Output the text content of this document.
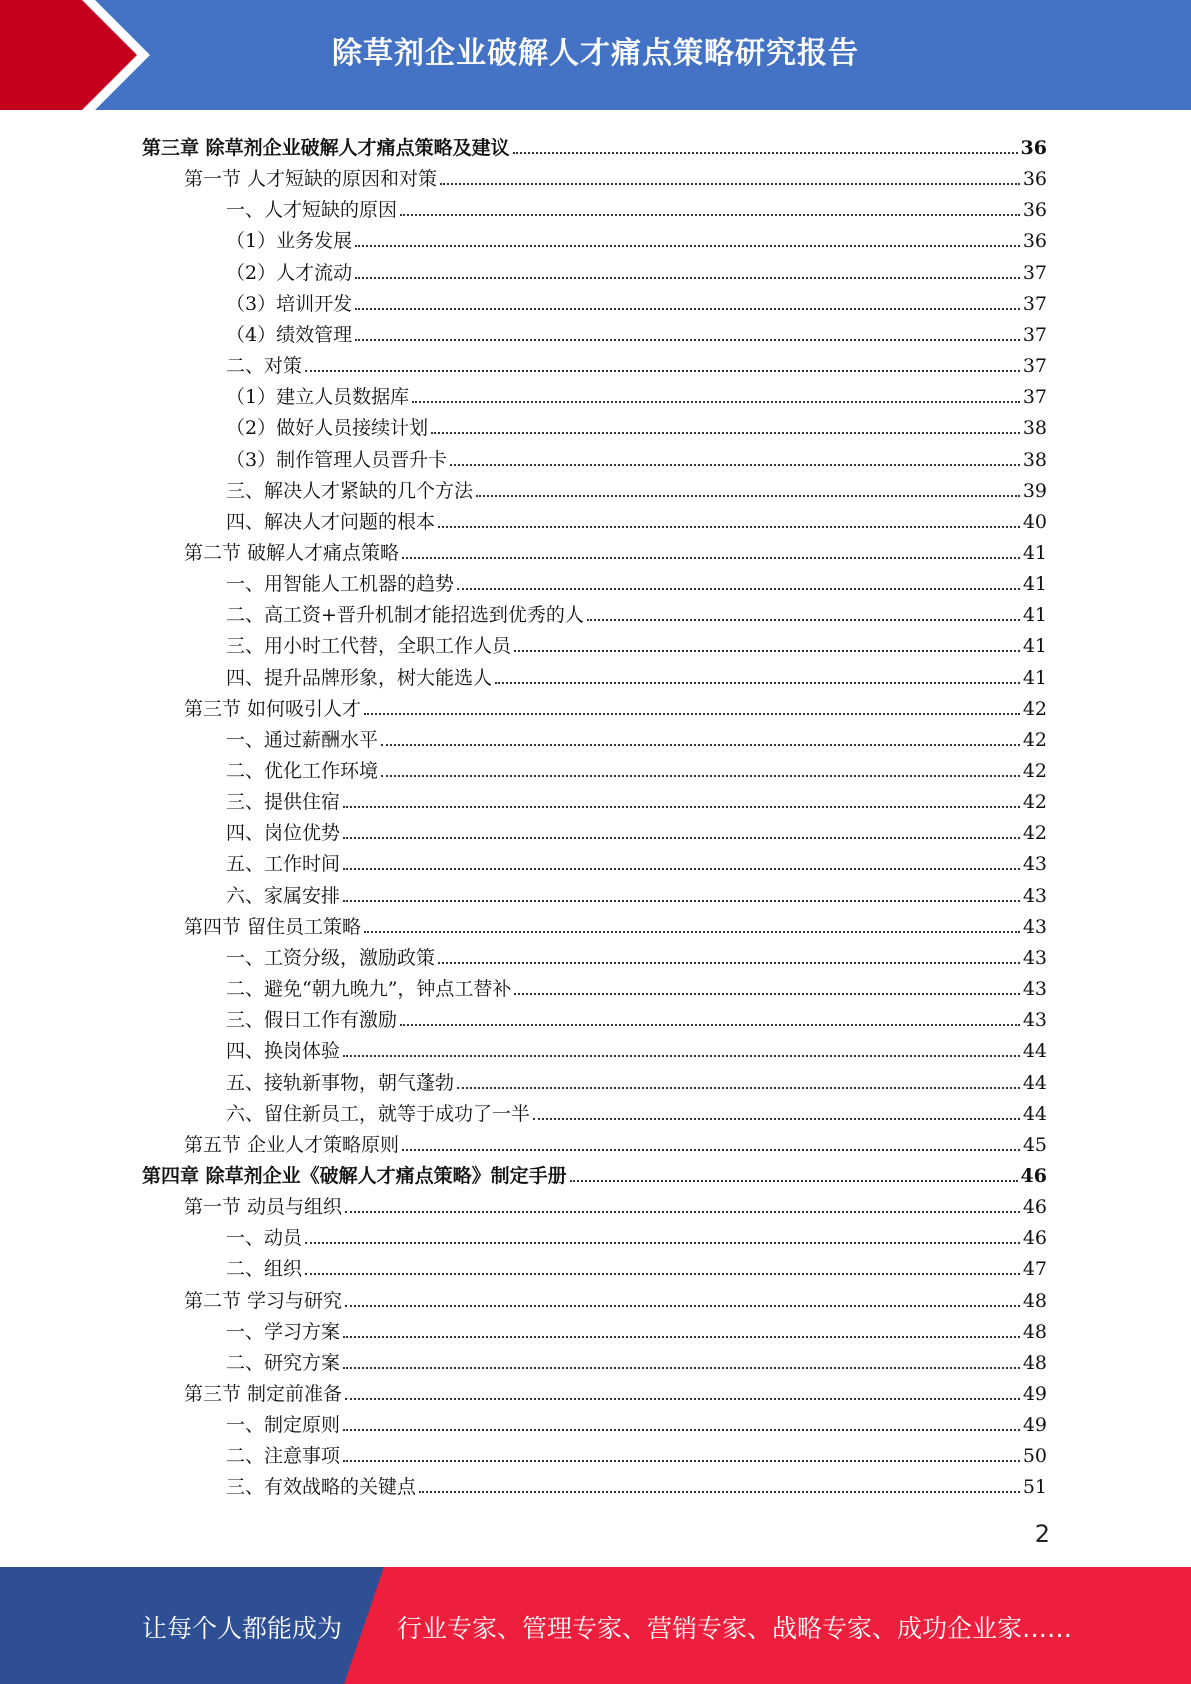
除草剂企业破解人才痛点策略研究报告
第三章 除草剂企业破解人才痛点策略及建议	36
第一节 人才短缺的原因和对策	36
一、人才短缺的原因	36
（1）业务发展	36
（2）人才流动	37
（3）培训开发	37
（4）绩效管理	37
二、对策	37
（1）建立人员数据库	37
（2）做好人员接续计划	38
（3）制作管理人员晋升卡	38
三、解决人才紧缺的几个方法	39
四、解决人才问题的根本	40
第二节 破解人才痛点策略	41
一、用智能人工机器的趋势	41
二、高工资+晋升机制才能招选到优秀的人	41
三、用小时工代替，全职工作人员	41
四、提升品牌形象，树大能选人	41
第三节 如何吸引人才	42
一、通过薪酬水平	42
二、优化工作环境	42
三、提供住宿	42
四、岗位优势	42
五、工作时间	43
六、家属安排	43
第四节 留住员工策略	43
一、工资分级，激励政策	43
二、避免“朝九晚九”，钟点工替补	43
三、假日工作有激励	43
四、换岗体验	44
五、接轨新事物，朝气蓬勃	44
六、留住新员工，就等于成功了一半	44
第五节 企业人才策略原则	45
第四章 除草剂企业《破解人才痛点策略》制定手册	46
第一节 动员与组织	46
一、动员	46
二、组织	47
第二节 学习与研究	48
一、学习方案	48
二、研究方案	48
第三节 制定前准备	49
一、制定原则	49
二、注意事项	50
三、有效战略的关键点	51
2
让每个人都能成为 行业专家、管理专家、营销专家、战略专家、成功企业家……
